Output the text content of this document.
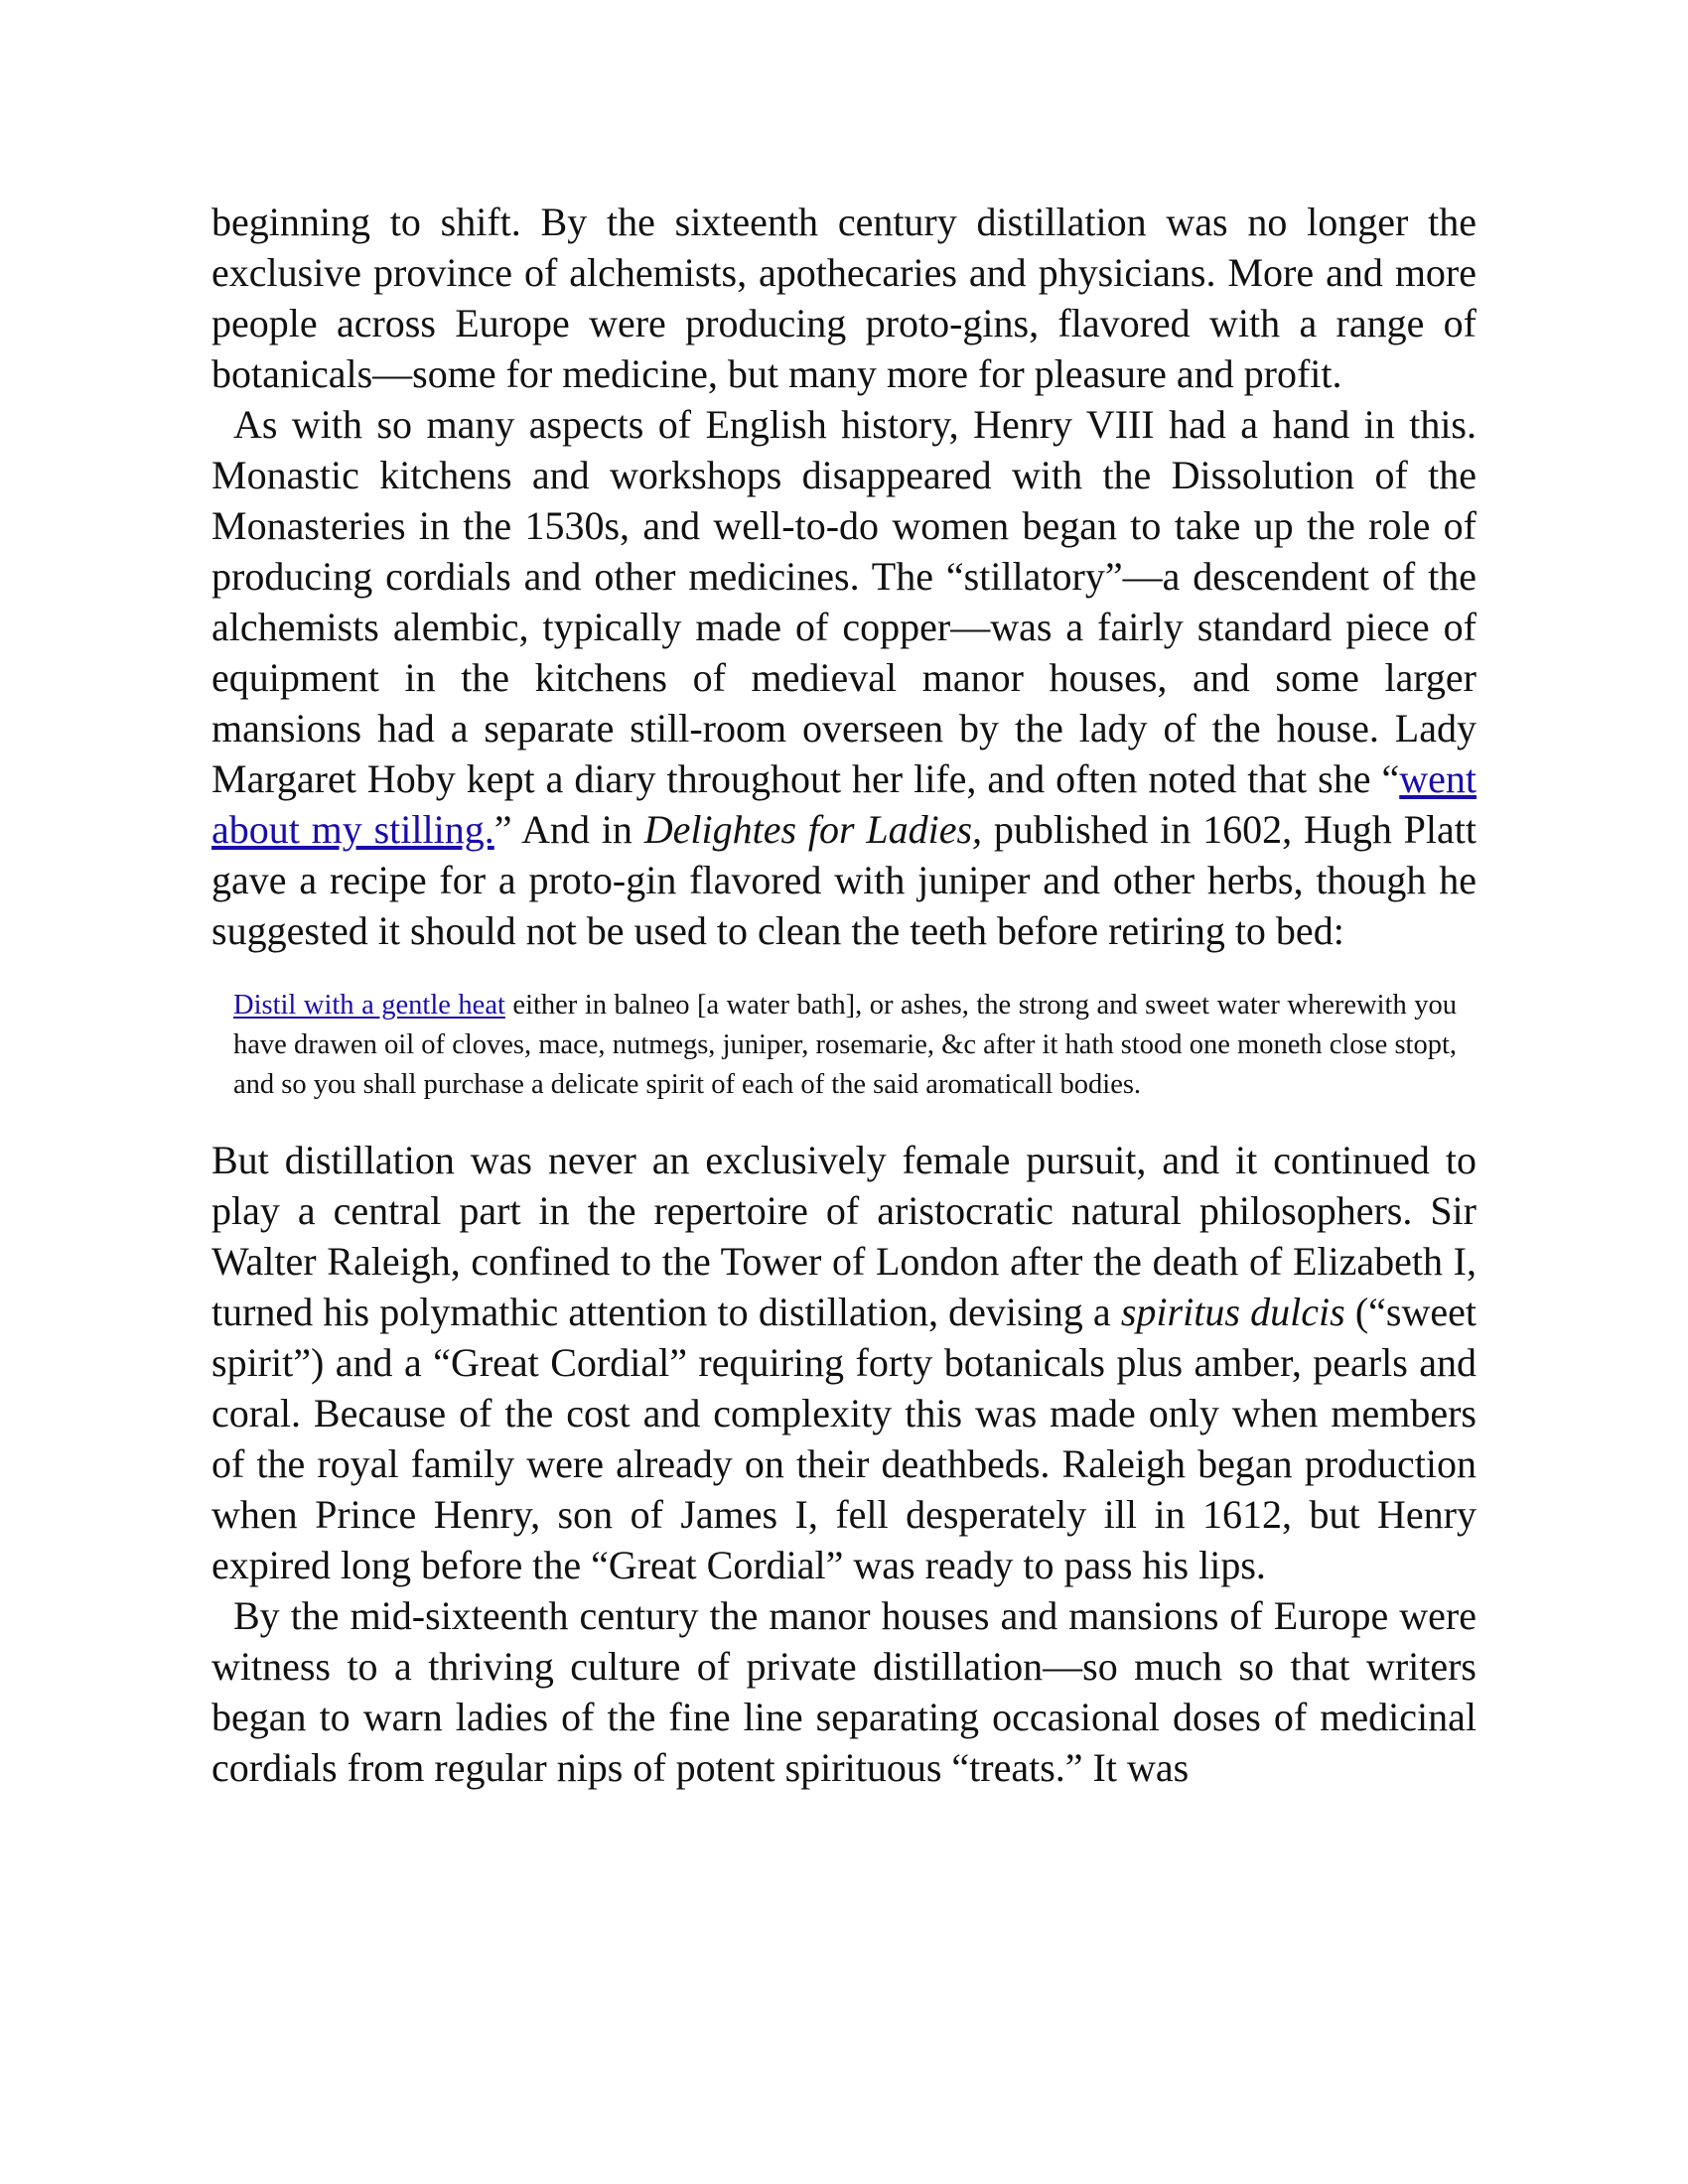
beginning to shift. By the sixteenth century distillation was no longer the exclusive province of alchemists, apothecaries and physicians. More and more people across Europe were producing proto-gins, flavored with a range of botanicals—some for medicine, but many more for pleasure and profit.

As with so many aspects of English history, Henry VIII had a hand in this. Monastic kitchens and workshops disappeared with the Dissolution of the Monasteries in the 1530s, and well-to-do women began to take up the role of producing cordials and other medicines. The “stillatory”—a descendent of the alchemists alembic, typically made of copper—was a fairly standard piece of equipment in the kitchens of medieval manor houses, and some larger mansions had a separate still-room overseen by the lady of the house. Lady Margaret Hoby kept a diary throughout her life, and often noted that she “went about my stilling.” And in Delightes for Ladies, published in 1602, Hugh Platt gave a recipe for a proto-gin flavored with juniper and other herbs, though he suggested it should not be used to clean the teeth before retiring to bed:

Distil with a gentle heat either in balneo [a water bath], or ashes, the strong and sweet water wherewith you have drawen oil of cloves, mace, nutmegs, juniper, rosemarie, &c after it hath stood one moneth close stopt, and so you shall purchase a delicate spirit of each of the said aromaticall bodies.

But distillation was never an exclusively female pursuit, and it continued to play a central part in the repertoire of aristocratic natural philosophers. Sir Walter Raleigh, confined to the Tower of London after the death of Elizabeth I, turned his polymathic attention to distillation, devising a spiritus dulcis (“sweet spirit”) and a “Great Cordial” requiring forty botanicals plus amber, pearls and coral. Because of the cost and complexity this was made only when members of the royal family were already on their deathbeds. Raleigh began production when Prince Henry, son of James I, fell desperately ill in 1612, but Henry expired long before the “Great Cordial” was ready to pass his lips.

By the mid-sixteenth century the manor houses and mansions of Europe were witness to a thriving culture of private distillation—so much so that writers began to warn ladies of the fine line separating occasional doses of medicinal cordials from regular nips of potent spirituous “treats.” It was
